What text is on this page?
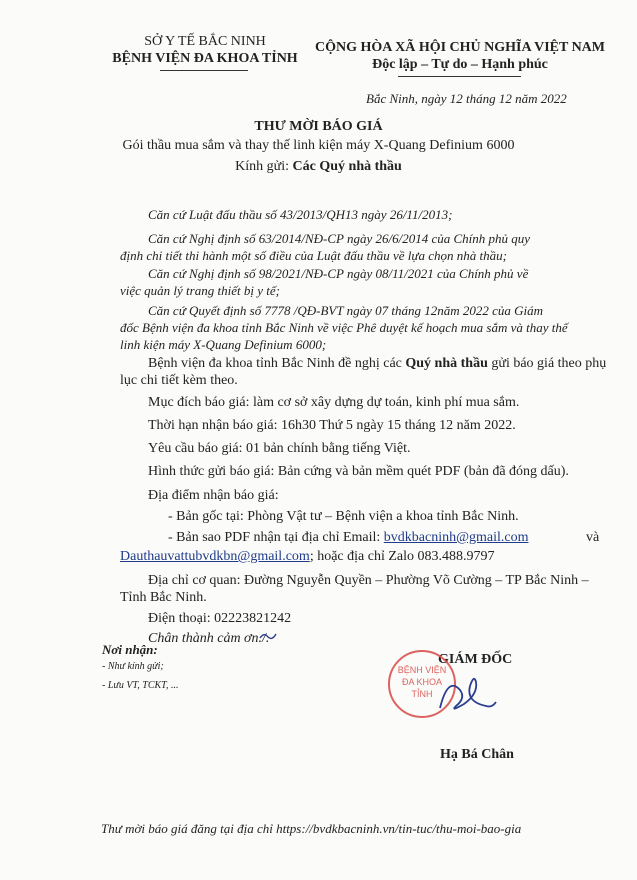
SỞ Y TẾ BẮC NINH
BỆNH VIỆN ĐA KHOA TỈNH
CỘNG HÒA XÃ HỘI CHỦ NGHĨA VIỆT NAM
Độc lập – Tự do – Hạnh phúc
Bắc Ninh, ngày 12 tháng 12 năm 2022
THƯ MỜI BÁO GIÁ
Gói thầu mua sắm và thay thế linh kiện máy X-Quang Definium 6000
Kính gửi: Các Quý nhà thầu
Căn cứ Luật đấu thầu số 43/2013/QH13 ngày 26/11/2013;
Căn cứ Nghị định số 63/2014/NĐ-CP ngày 26/6/2014 của Chính phủ quy
định chi tiết thi hành một số điều của Luật đấu thầu về lựa chọn nhà thầu;
Căn cứ Nghị định số 98/2021/NĐ-CP ngày 08/11/2021 của Chính phủ về
việc quản lý trang thiết bị y tế;
Căn cứ Quyết định số 7778 /QĐ-BVT ngày 07 tháng 12năm 2022 của Giám
đốc Bệnh viện đa khoa tỉnh Bắc Ninh về việc Phê duyệt kế hoạch mua sắm và thay thế
linh kiện máy X-Quang Definium 6000;
Bệnh viện đa khoa tỉnh Bắc Ninh đề nghị các Quý nhà thầu gửi báo giá theo phụ
lục chi tiết kèm theo.
Mục đích báo giá: làm cơ sở xây dựng dự toán, kinh phí mua sắm.
Thời hạn nhận báo giá: 16h30 Thứ 5 ngày 15 tháng 12 năm 2022.
Yêu cầu báo giá: 01 bản chính bằng tiếng Việt.
Hình thức gửi báo giá: Bản cứng và bản mềm quét PDF (bản đã đóng dấu).
Địa điểm nhận báo giá:
- Bản gốc tại: Phòng Vật tư – Bệnh viện a khoa tỉnh Bắc Ninh.
- Bản sao PDF nhận tại địa chỉ Email: bvdkbacninh@gmail.com	và
Dauthauvattubvdkbn@gmail.com; hoặc địa chỉ Zalo 083.488.9797
Địa chỉ cơ quan: Đường Nguyễn Quyền – Phường Võ Cường – TP Bắc Ninh –
Tỉnh Bắc Ninh.
Điện thoại: 02223821242
Chân thành cảm ơn./.
Nơi nhận:
- Như kính gửi;
- Lưu VT, TCKT, ...
GIÁM ĐỐC
BỆNH VIỆN
ĐA KHOA
TỈNH
Hạ Bá Chân
Thư mời báo giá đăng tại địa chỉ https://bvdkbacninh.vn/tin-tuc/thu-moi-bao-gia
